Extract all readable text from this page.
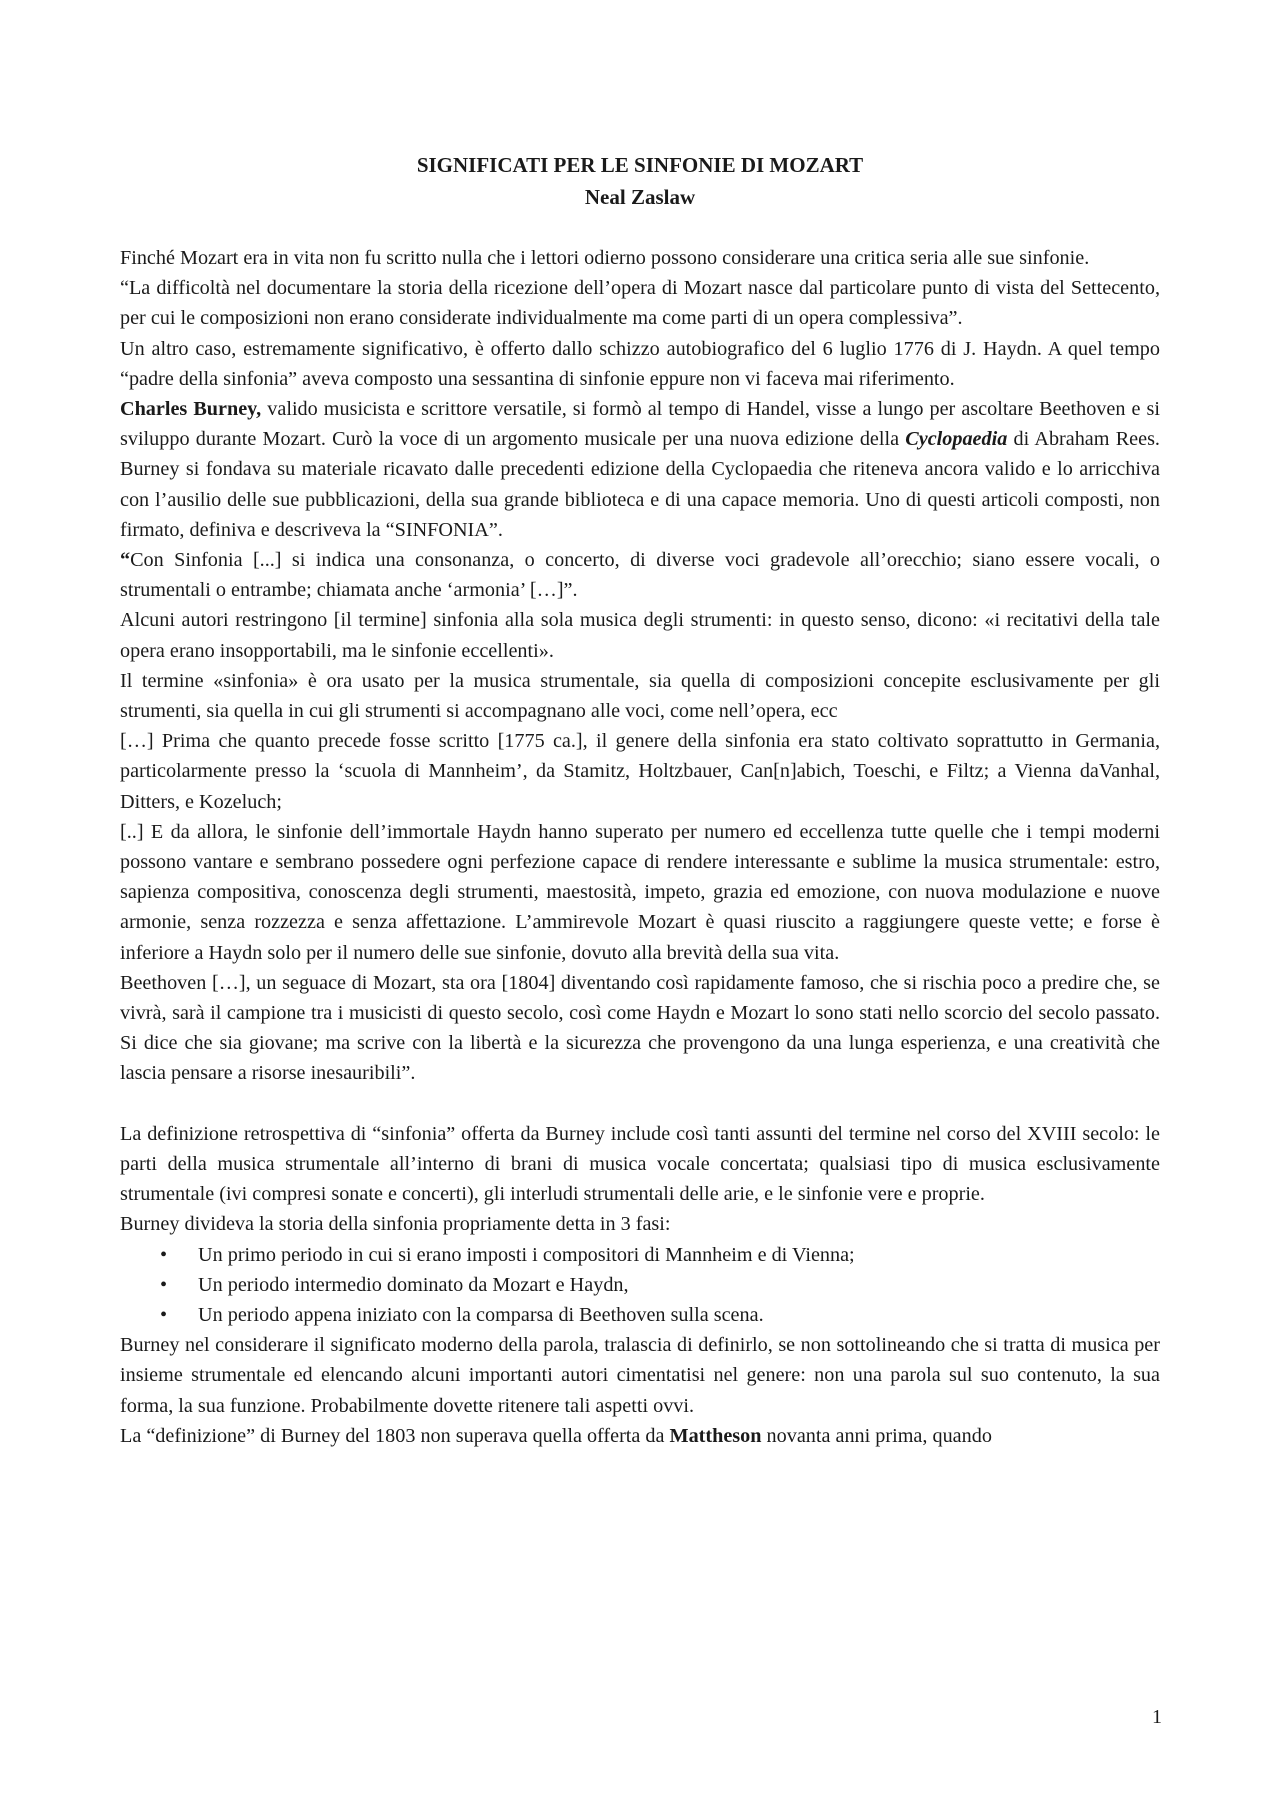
SIGNIFICATI PER LE SINFONIE DI MOZART
Neal Zaslaw

Finché Mozart era in vita non fu scritto nulla che i lettori odierno possono considerare una critica seria alle sue sinfonie.

“La difficoltà nel documentare la storia della ricezione dell’opera di Mozart nasce dal particolare punto di vista del Settecento, per cui le composizioni non erano considerate individualmente ma come parti di un opera complessiva”.

Un altro caso, estremamente significativo, è offerto dallo schizzo autobiografico del 6 luglio 1776 di J. Haydn. A quel tempo “padre della sinfonia” aveva composto una sessantina di sinfonie eppure non vi faceva mai riferimento.

Charles Burney, valido musicista e scrittore versatile, si formò al tempo di Handel, visse a lungo per ascoltare Beethoven e si sviluppo durante Mozart. Curò la voce di un argomento musicale per una nuova edizione della Cyclopaedia di Abraham Rees. Burney si fondava su materiale ricavato dalle precedenti edizione della Cyclopaedia che riteneva ancora valido e lo arricchiva con l’ausilio delle sue pubblicazioni, della sua grande biblioteca e di una capace memoria. Uno di questi articoli composti, non firmato, definiva e descriveva la “SINFONIA”.

“Con Sinfonia [...] si indica una consonanza, o concerto, di diverse voci gradevole all’orecchio; siano essere vocali, o strumentali o entrambe; chiamata anche ‘armonia’ […]”.

Alcuni autori restringono [il termine] sinfonia alla sola musica degli strumenti: in questo senso, dicono: «i recitativi della tale opera erano insopportabili, ma le sinfonie eccellenti».

Il termine «sinfonia» è ora usato per la musica strumentale, sia quella di composizioni concepite esclusivamente per gli strumenti, sia quella in cui gli strumenti si accompagnano alle voci, come nell’opera, ecc

[…] Prima che quanto precede fosse scritto [1775 ca.], il genere della sinfonia era stato coltivato soprattutto in Germania, particolarmente presso la ‘scuola di Mannheim’, da Stamitz, Holtzbauer, Can[n]abich, Toeschi, e Filtz; a Vienna daVanhal, Ditters, e Kozeluch;

[..] E da allora, le sinfonie dell’immortale Haydn hanno superato per numero ed eccellenza tutte quelle che i tempi moderni possono vantare e sembrano possedere ogni perfezione capace di rendere interessante e sublime la musica strumentale: estro, sapienza compositiva, conoscenza degli strumenti, maestosità, impeto, grazia ed emozione, con nuova modulazione e nuove armonie, senza rozzezza e senza affettazione. L’ammirevole Mozart è quasi riuscito a raggiungere queste vette; e forse è inferiore a Haydn solo per il numero delle sue sinfonie, dovuto alla brevità della sua vita.

Beethoven […], un seguace di Mozart, sta ora [1804] diventando così rapidamente famoso, che si rischia poco a predire che, se vivrà, sarà il campione tra i musicisti di questo secolo, così come Haydn e Mozart lo sono stati nello scorcio del secolo passato. Si dice che sia giovane; ma scrive con la libertà e la sicurezza che provengono da una lunga esperienza, e una creatività che lascia pensare a risorse inesauribili”.

La definizione retrospettiva di “sinfonia” offerta da Burney include così tanti assunti del termine nel corso del XVIII secolo: le parti della musica strumentale all’interno di brani di musica vocale concertata; qualsiasi tipo di musica esclusivamente strumentale (ivi compresi sonate e concerti), gli interludi strumentali delle arie, e le sinfonie vere e proprie.

Burney divideva la storia della sinfonia propriamente detta in 3 fasi:

• Un primo periodo in cui si erano imposti i compositori di Mannheim e di Vienna;
• Un periodo intermedio dominato da Mozart e Haydn,
• Un periodo appena iniziato con la comparsa di Beethoven sulla scena.

Burney nel considerare il significato moderno della parola, tralascia di definirlo, se non sottolineando che si tratta di musica per insieme strumentale ed elencando alcuni importanti autori cimentatisi nel genere: non una parola sul suo contenuto, la sua forma, la sua funzione. Probabilmente dovette ritenere tali aspetti ovvi.

La “definizione” di Burney del 1803 non superava quella offerta da Mattheson novanta anni prima, quando

1
